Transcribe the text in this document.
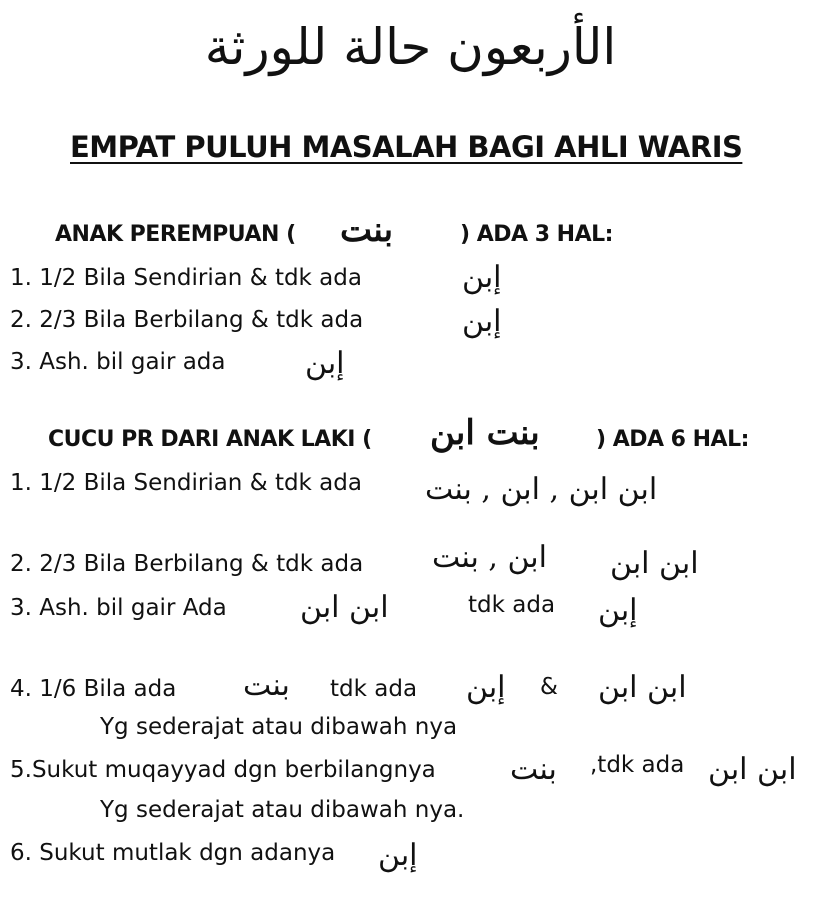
الأربعون حالة للورثة
EMPAT PULUH MASALAH BAGI AHLI WARIS
ANAK PEREMPUAN (	) ADA 3 HAL:
بنت
1. 1/2 Bila Sendirian & tdk ada	إبن
2. 2/3 Bila Berbilang & tdk ada	إبن
3. Ash. bil gair ada	إبن
CUCU PR DARI ANAK LAKI (	) ADA 6 HAL:
بنت ابن
1. 1/2 Bila Sendirian & tdk ada ابن ابن , ابن , بنت
2. 2/3 Bila Berbilang & tdk ada ابن , بنت ابن ابن
3. Ash. bil gair Ada ابن ابن	tdk ada إبن
4. 1/6 Bila ada بنت tdk ada إبن & ابن ابن
Yg sederajat atau dibawah nya
5.Sukut muqayyad dgn berbilangnya بنت ,tdk ada ابن ابن
Yg sederajat atau dibawah nya.
6. Sukut mutlak dgn adanya إبن
